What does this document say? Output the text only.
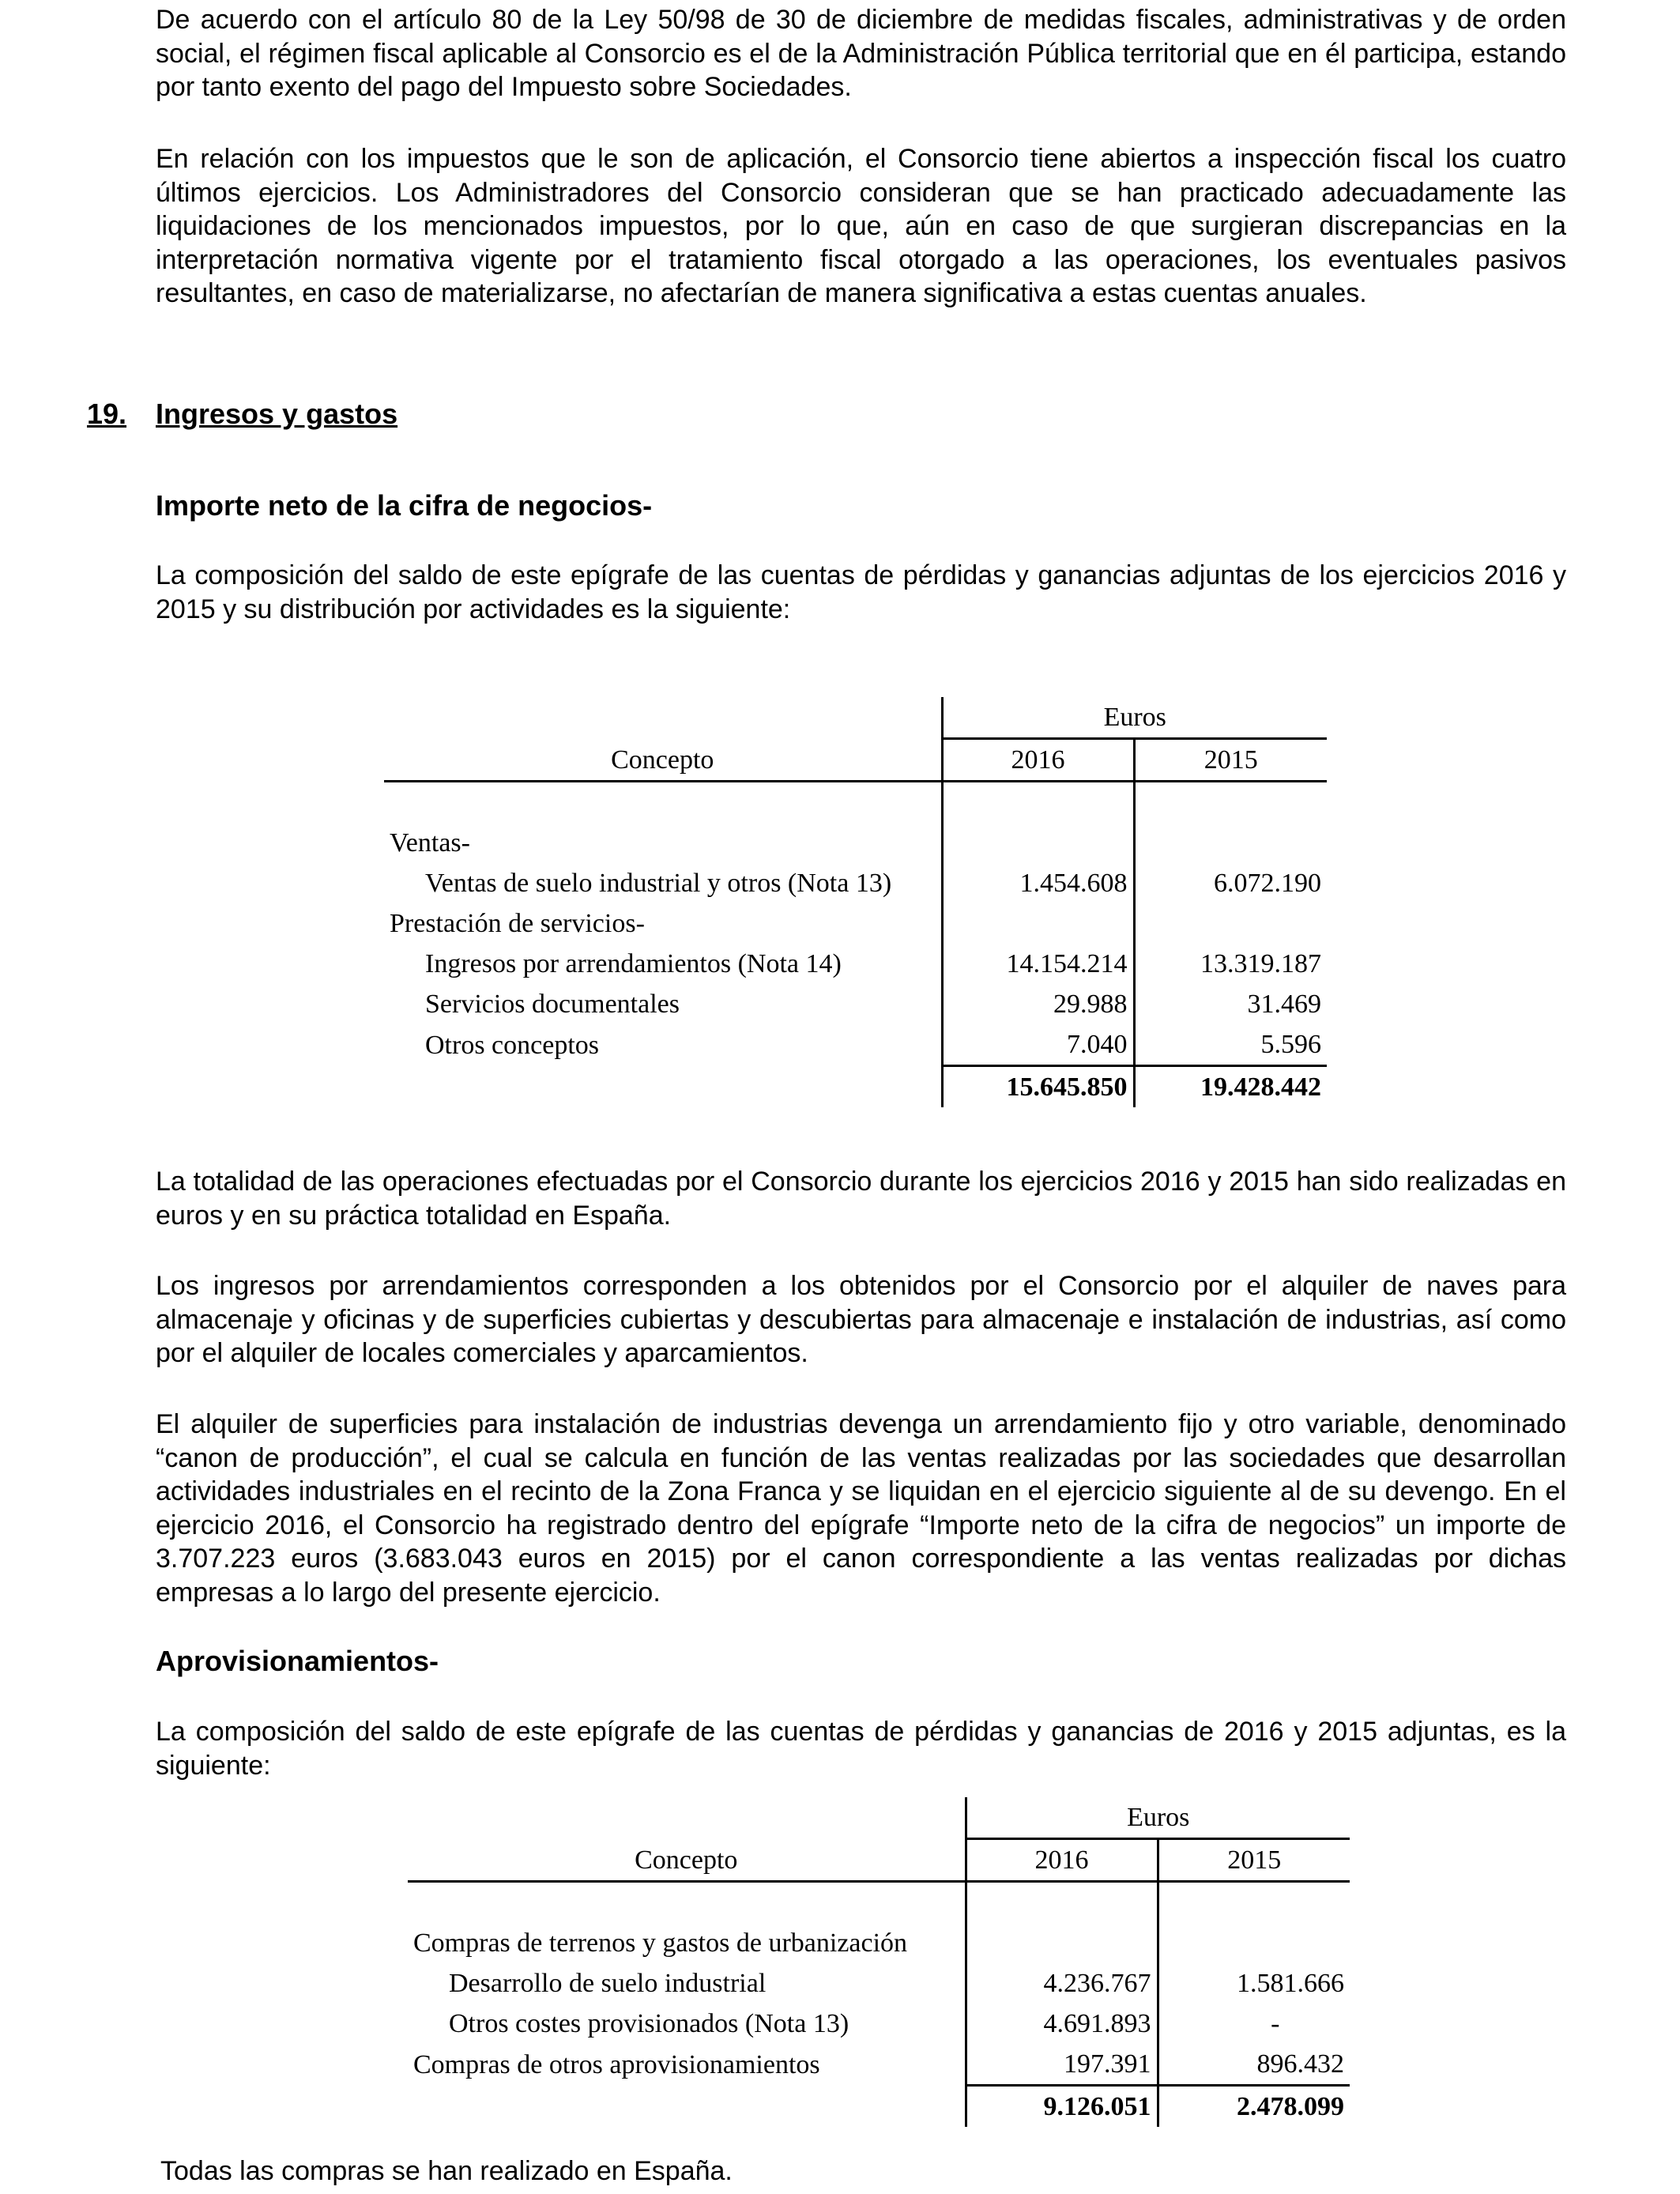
De acuerdo con el artículo 80 de la Ley 50/98 de 30 de diciembre de medidas fiscales, administrativas y de orden social, el régimen fiscal aplicable al Consorcio es el de la Administración Pública territorial que en él participa, estando por tanto exento del pago del Impuesto sobre Sociedades.

En relación con los impuestos que le son de aplicación, el Consorcio tiene abiertos a inspección fiscal los cuatro últimos ejercicios. Los Administradores del Consorcio consideran que se han practicado adecuadamente las liquidaciones de los mencionados impuestos, por lo que, aún en caso de que surgieran discrepancias en la interpretación normativa vigente por el tratamiento fiscal otorgado a las operaciones, los eventuales pasivos resultantes, en caso de materializarse, no afectarían de manera significativa a estas cuentas anuales.

19. Ingresos y gastos
Importe neto de la cifra de negocios-

La composición del saldo de este epígrafe de las cuentas de pérdidas y ganancias adjuntas de los ejercicios 2016 y 2015 y su distribución por actividades es la siguiente:

Concepto	Euros	
	2016	2015

Ventas-		
Ventas de suelo industrial y otros (Nota 13)	1.454.608	6.072.190
Prestación de servicios-		
Ingresos por arrendamientos (Nota 14)	14.154.214	13.319.187
Servicios documentales	29.988	31.469
Otros conceptos	7.040	5.596
	15.645.850	19.428.442

La totalidad de las operaciones efectuadas por el Consorcio durante los ejercicios 2016 y 2015 han sido realizadas en euros y en su práctica totalidad en España.

Los ingresos por arrendamientos corresponden a los obtenidos por el Consorcio por el alquiler de naves para almacenaje y oficinas y de superficies cubiertas y descubiertas para almacenaje e instalación de industrias, así como por el alquiler de locales comerciales y aparcamientos.

El alquiler de superficies para instalación de industrias devenga un arrendamiento fijo y otro variable, denominado “canon de producción”, el cual se calcula en función de las ventas realizadas por las sociedades que desarrollan actividades industriales en el recinto de la Zona Franca y se liquidan en el ejercicio siguiente al de su devengo. En el ejercicio 2016, el Consorcio ha registrado dentro del epígrafe “Importe neto de la cifra de negocios” un importe de 3.707.223 euros (3.683.043 euros en 2015) por el canon correspondiente a las ventas realizadas por dichas empresas a lo largo del presente ejercicio.

Aprovisionamientos-

La composición del saldo de este epígrafe de las cuentas de pérdidas y ganancias de 2016 y 2015 adjuntas, es la siguiente:

Concepto	Euros	
	2016	2015

Compras de terrenos y gastos de urbanización		
Desarrollo de suelo industrial	4.236.767	1.581.666
Otros costes provisionados (Nota 13)	4.691.893	-
Compras de otros aprovisionamientos	197.391	896.432
	9.126.051	2.478.099

Todas las compras se han realizado en España.
